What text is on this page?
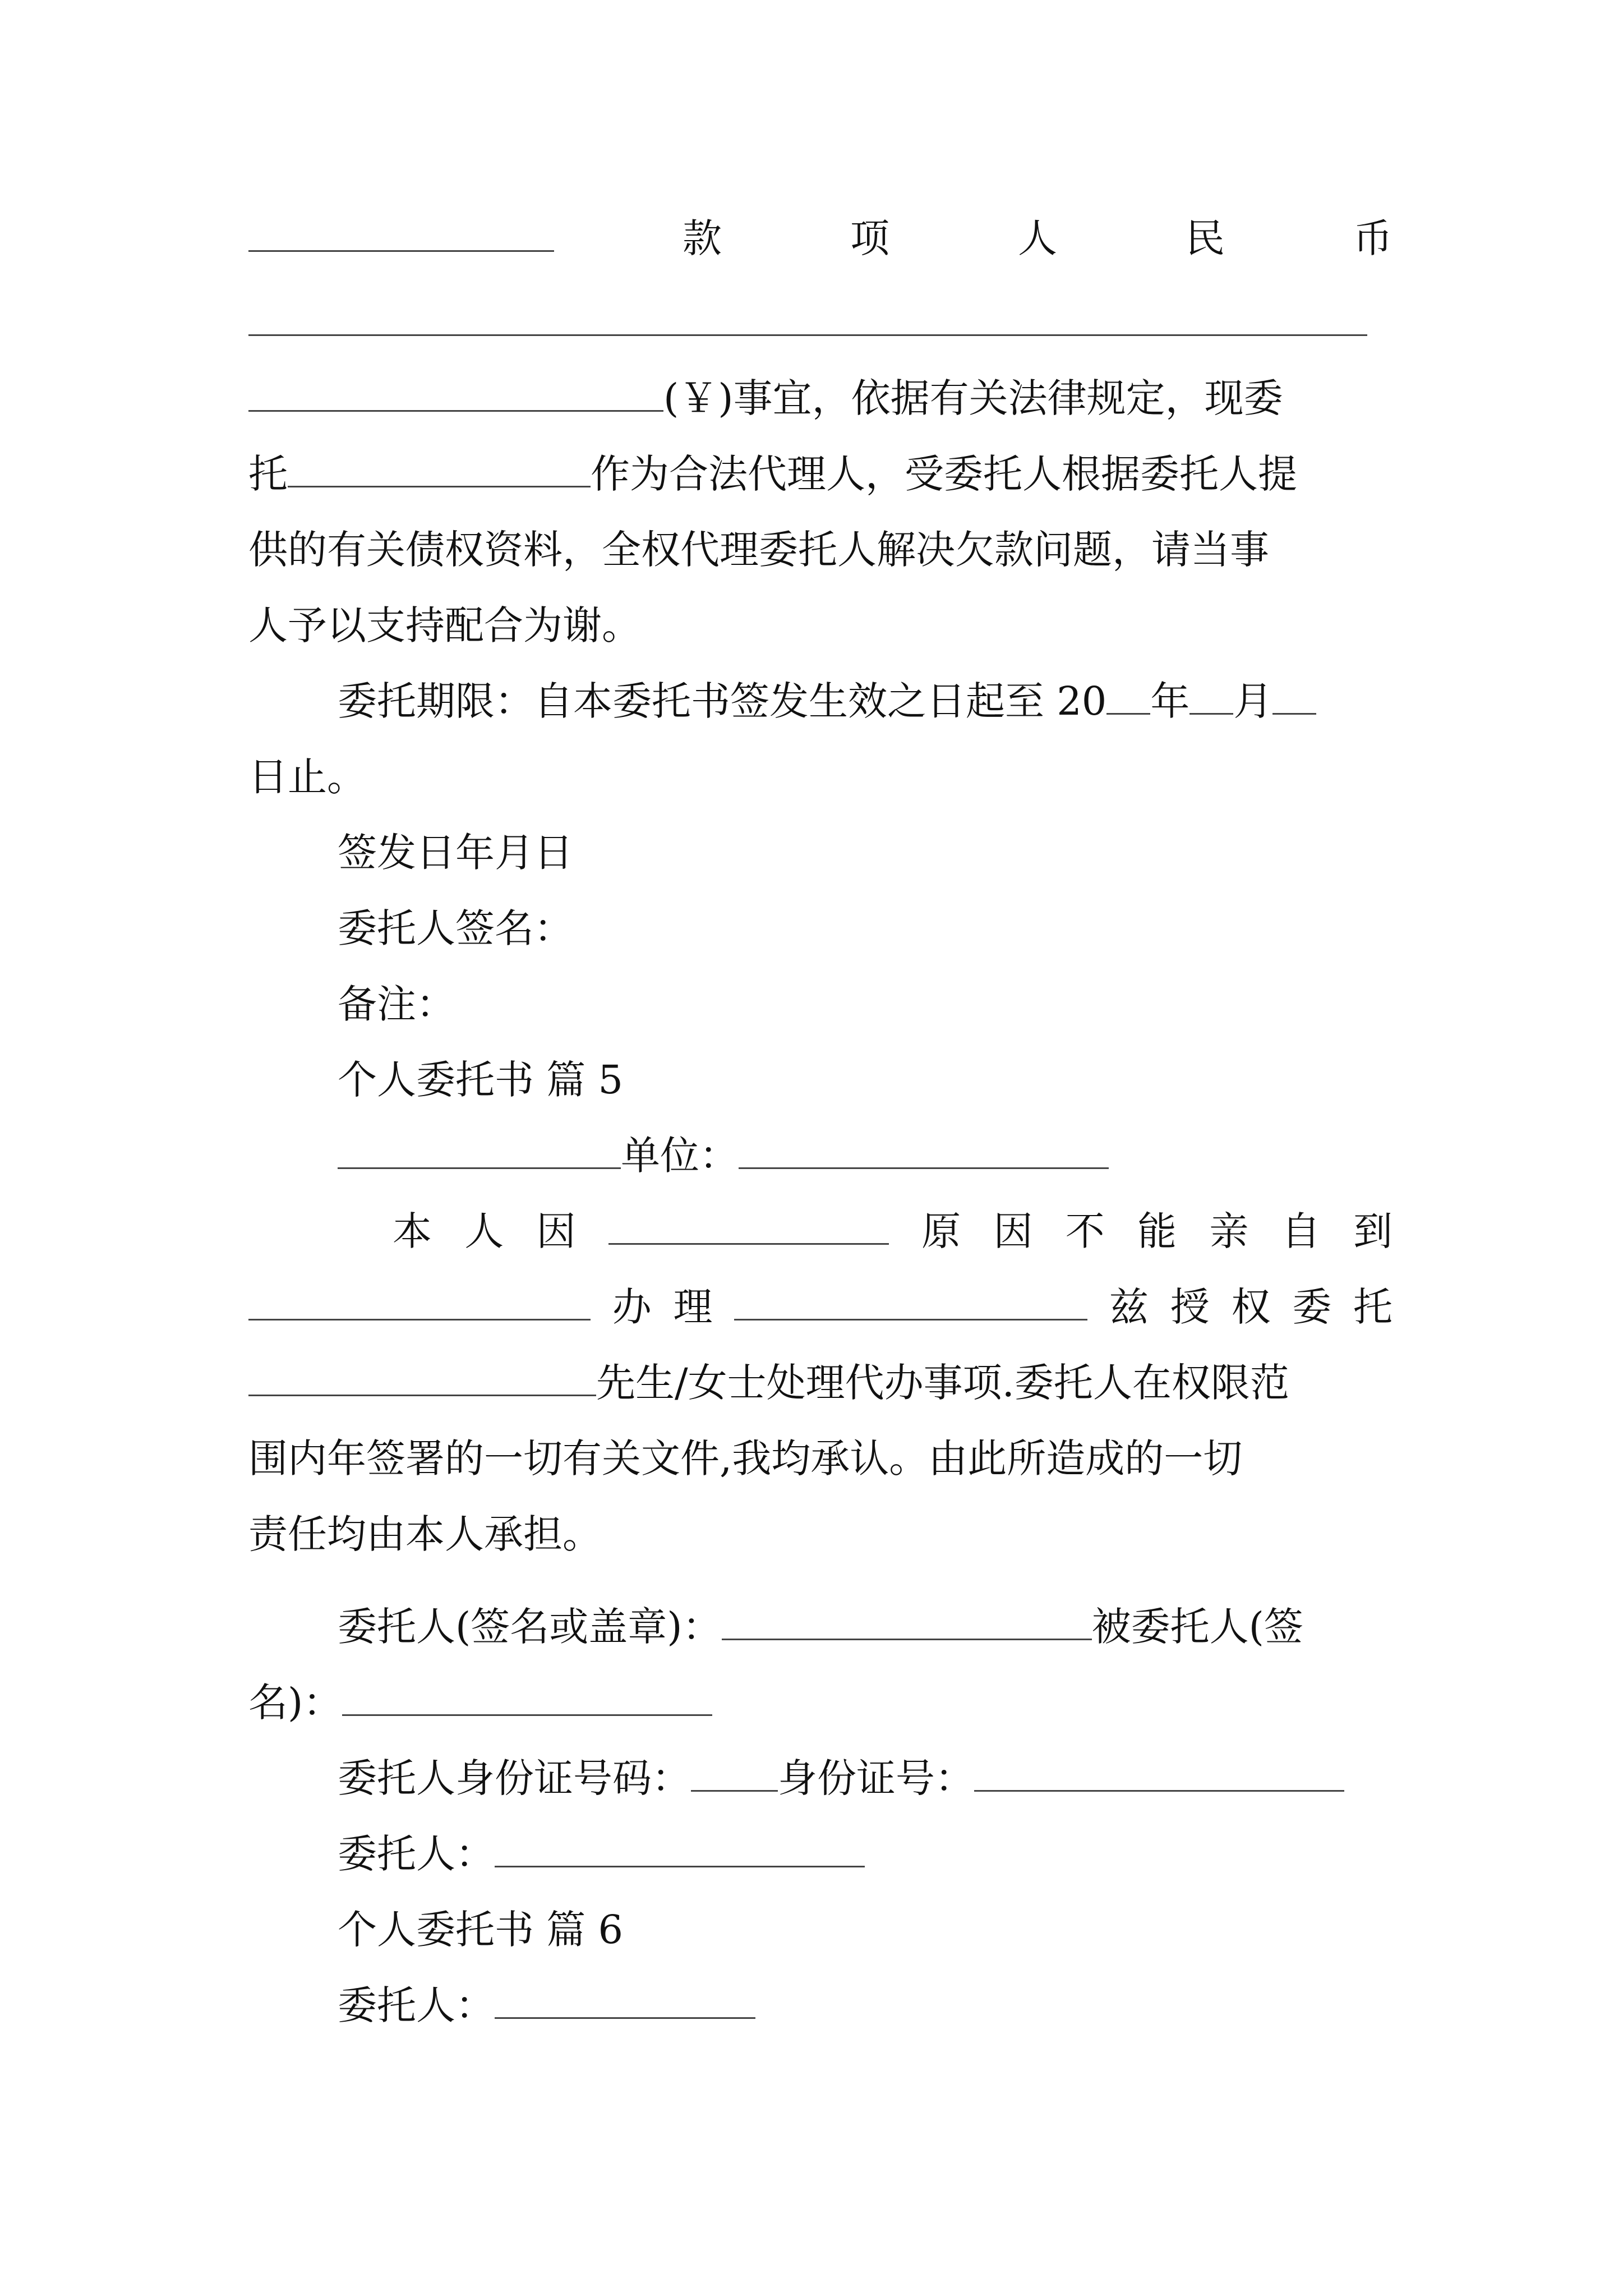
款	项	人	民	币
(￥)事宜，依据有关法律规定，现委
托	作为合法代理人，受委托人根据委托人提
供的有关债权资料，全权代理委托人解决欠款问题，请当事
人予以支持配合为谢。
委托期限：自本委托书签发生效之日起至 20 年 月
日止。
签发日年月日
委托人签名：
备注：
个人委托书 篇 5
单位：
本 人 因	原 因 不 能 亲 自 到
办 理	兹 授 权 委 托
先生/女士处理代办事项.委托人在权限范
围内年签署的一切有关文件,我均承认。由此所造成的一切
责任均由本人承担。
委托人(签名或盖章)：	被委托人(签
名)：
委托人身份证号码： 身份证号：
委托人：
个人委托书 篇 6
委托人：
